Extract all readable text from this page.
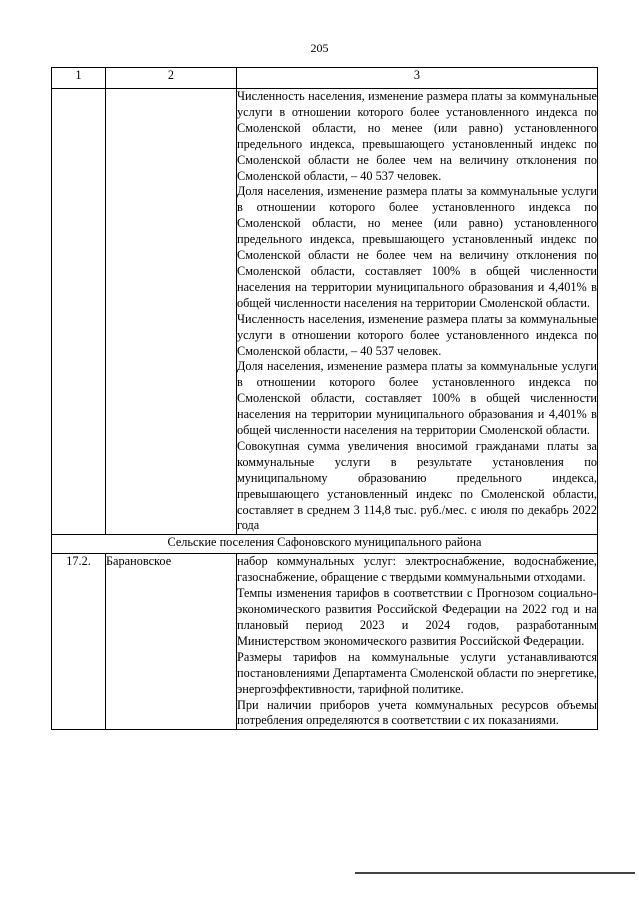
205
1	2	3

		Численность населения, изменение размера платы за коммунальные услуги в отношении которого более установленного индекса по Смоленской области, но менее (или равно) установленного предельного индекса, превышающего установленный индекс по Смоленской области не более чем на величину отклонения по Смоленской области, – 40 537 человек.

Доля населения, изменение размера платы за коммунальные услуги в отношении которого более установленного индекса по Смоленской области, но менее (или равно) установленного предельного индекса, превышающего установленный индекс по Смоленской области не более чем на величину отклонения по Смоленской области, составляет 100% в общей численности населения на территории муниципального образования и 4,401% в общей численности населения на территории Смоленской области.

Численность населения, изменение размера платы за коммунальные услуги в отношении которого более установленного индекса по Смоленской области, – 40 537 человек.

Доля населения, изменение размера платы за коммунальные услуги в отношении которого более установленного индекса по Смоленской области, составляет 100% в общей численности населения на территории муниципального образования и 4,401% в общей численности населения на территории Смоленской области.

Совокупная сумма увеличения вносимой гражданами платы за коммунальные услуги в результате установления по муниципальному образованию предельного индекса, превышающего установленный индекс по Смоленской области, составляет в среднем 3 114,8 тыс. руб./мес. с июля по декабрь 2022 года

Сельские поселения Сафоновского муниципального района		
17.2.	Барановское	набор коммунальных услуг: электроснабжение, водоснабжение, газоснабжение, обращение с твердыми коммунальными отходами.

Темпы изменения тарифов в соответствии с Прогнозом социально-экономического развития Российской Федерации на 2022 год и на плановый период 2023 и 2024 годов, разработанным Министерством экономического развития Российской Федерации.

Размеры тарифов на коммунальные услуги устанавливаются постановлениями Департамента Смоленской области по энергетике, энергоэффективности, тарифной политике.

При наличии приборов учета коммунальных ресурсов объемы потребления определяются в соответствии с их показаниями.
